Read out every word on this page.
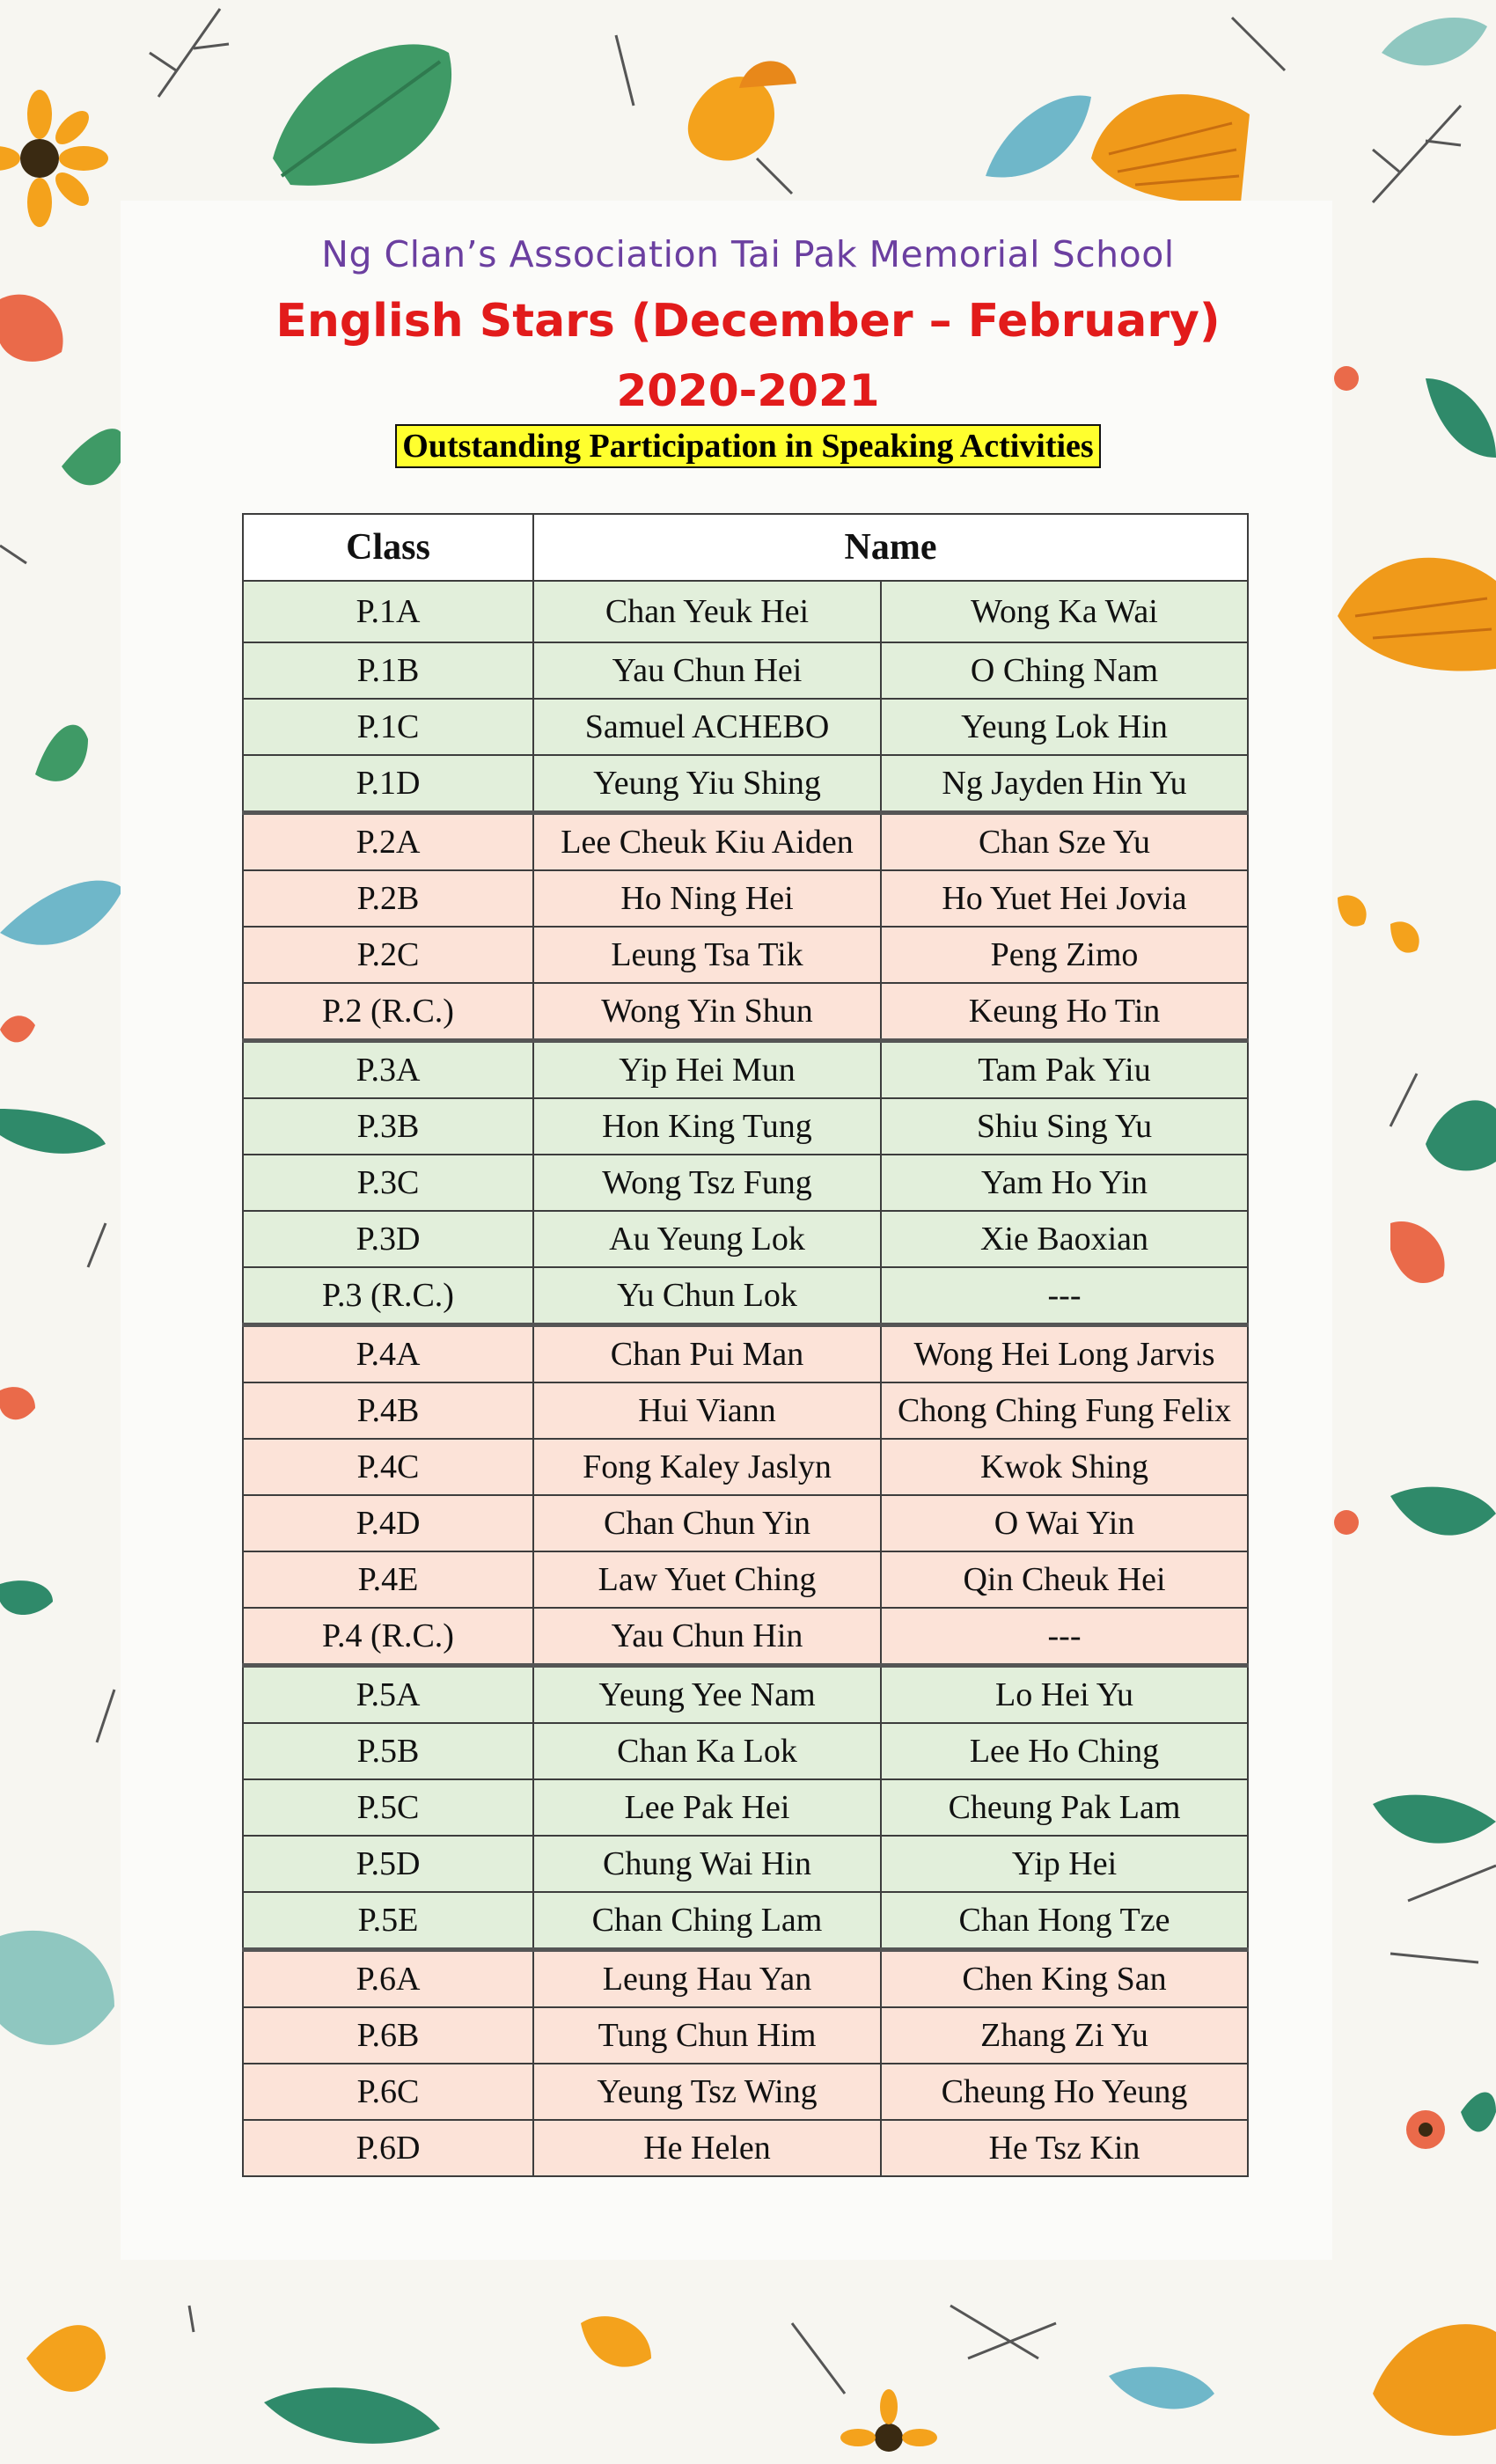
Ng Clan’s Association Tai Pak Memorial School
English Stars (December – February)
2020-2021
Outstanding Participation in Speaking Activities
Class	Name	
P.1A	Chan Yeuk Hei	Wong Ka Wai
P.1B	Yau Chun Hei	O Ching Nam
P.1C	Samuel ACHEBO	Yeung Lok Hin
P.1D	Yeung Yiu Shing	Ng Jayden Hin Yu
P.2A	Lee Cheuk Kiu Aiden	Chan Sze Yu
P.2B	Ho Ning Hei	Ho Yuet Hei Jovia
P.2C	Leung Tsa Tik	Peng Zimo
P.2 (R.C.)	Wong Yin Shun	Keung Ho Tin
P.3A	Yip Hei Mun	Tam Pak Yiu
P.3B	Hon King Tung	Shiu Sing Yu
P.3C	Wong Tsz Fung	Yam Ho Yin
P.3D	Au Yeung Lok	Xie Baoxian
P.3 (R.C.)	Yu Chun Lok	---
P.4A	Chan Pui Man	Wong Hei Long Jarvis
P.4B	Hui Viann	Chong Ching Fung Felix
P.4C	Fong Kaley Jaslyn	Kwok Shing
P.4D	Chan Chun Yin	O Wai Yin
P.4E	Law Yuet Ching	Qin Cheuk Hei
P.4 (R.C.)	Yau Chun Hin	---
P.5A	Yeung Yee Nam	Lo Hei Yu
P.5B	Chan Ka Lok	Lee Ho Ching
P.5C	Lee Pak Hei	Cheung Pak Lam
P.5D	Chung Wai Hin	Yip Hei
P.5E	Chan Ching Lam	Chan Hong Tze
P.6A	Leung Hau Yan	Chen King San
P.6B	Tung Chun Him	Zhang Zi Yu
P.6C	Yeung Tsz Wing	Cheung Ho Yeung
P.6D	He Helen	He Tsz Kin
